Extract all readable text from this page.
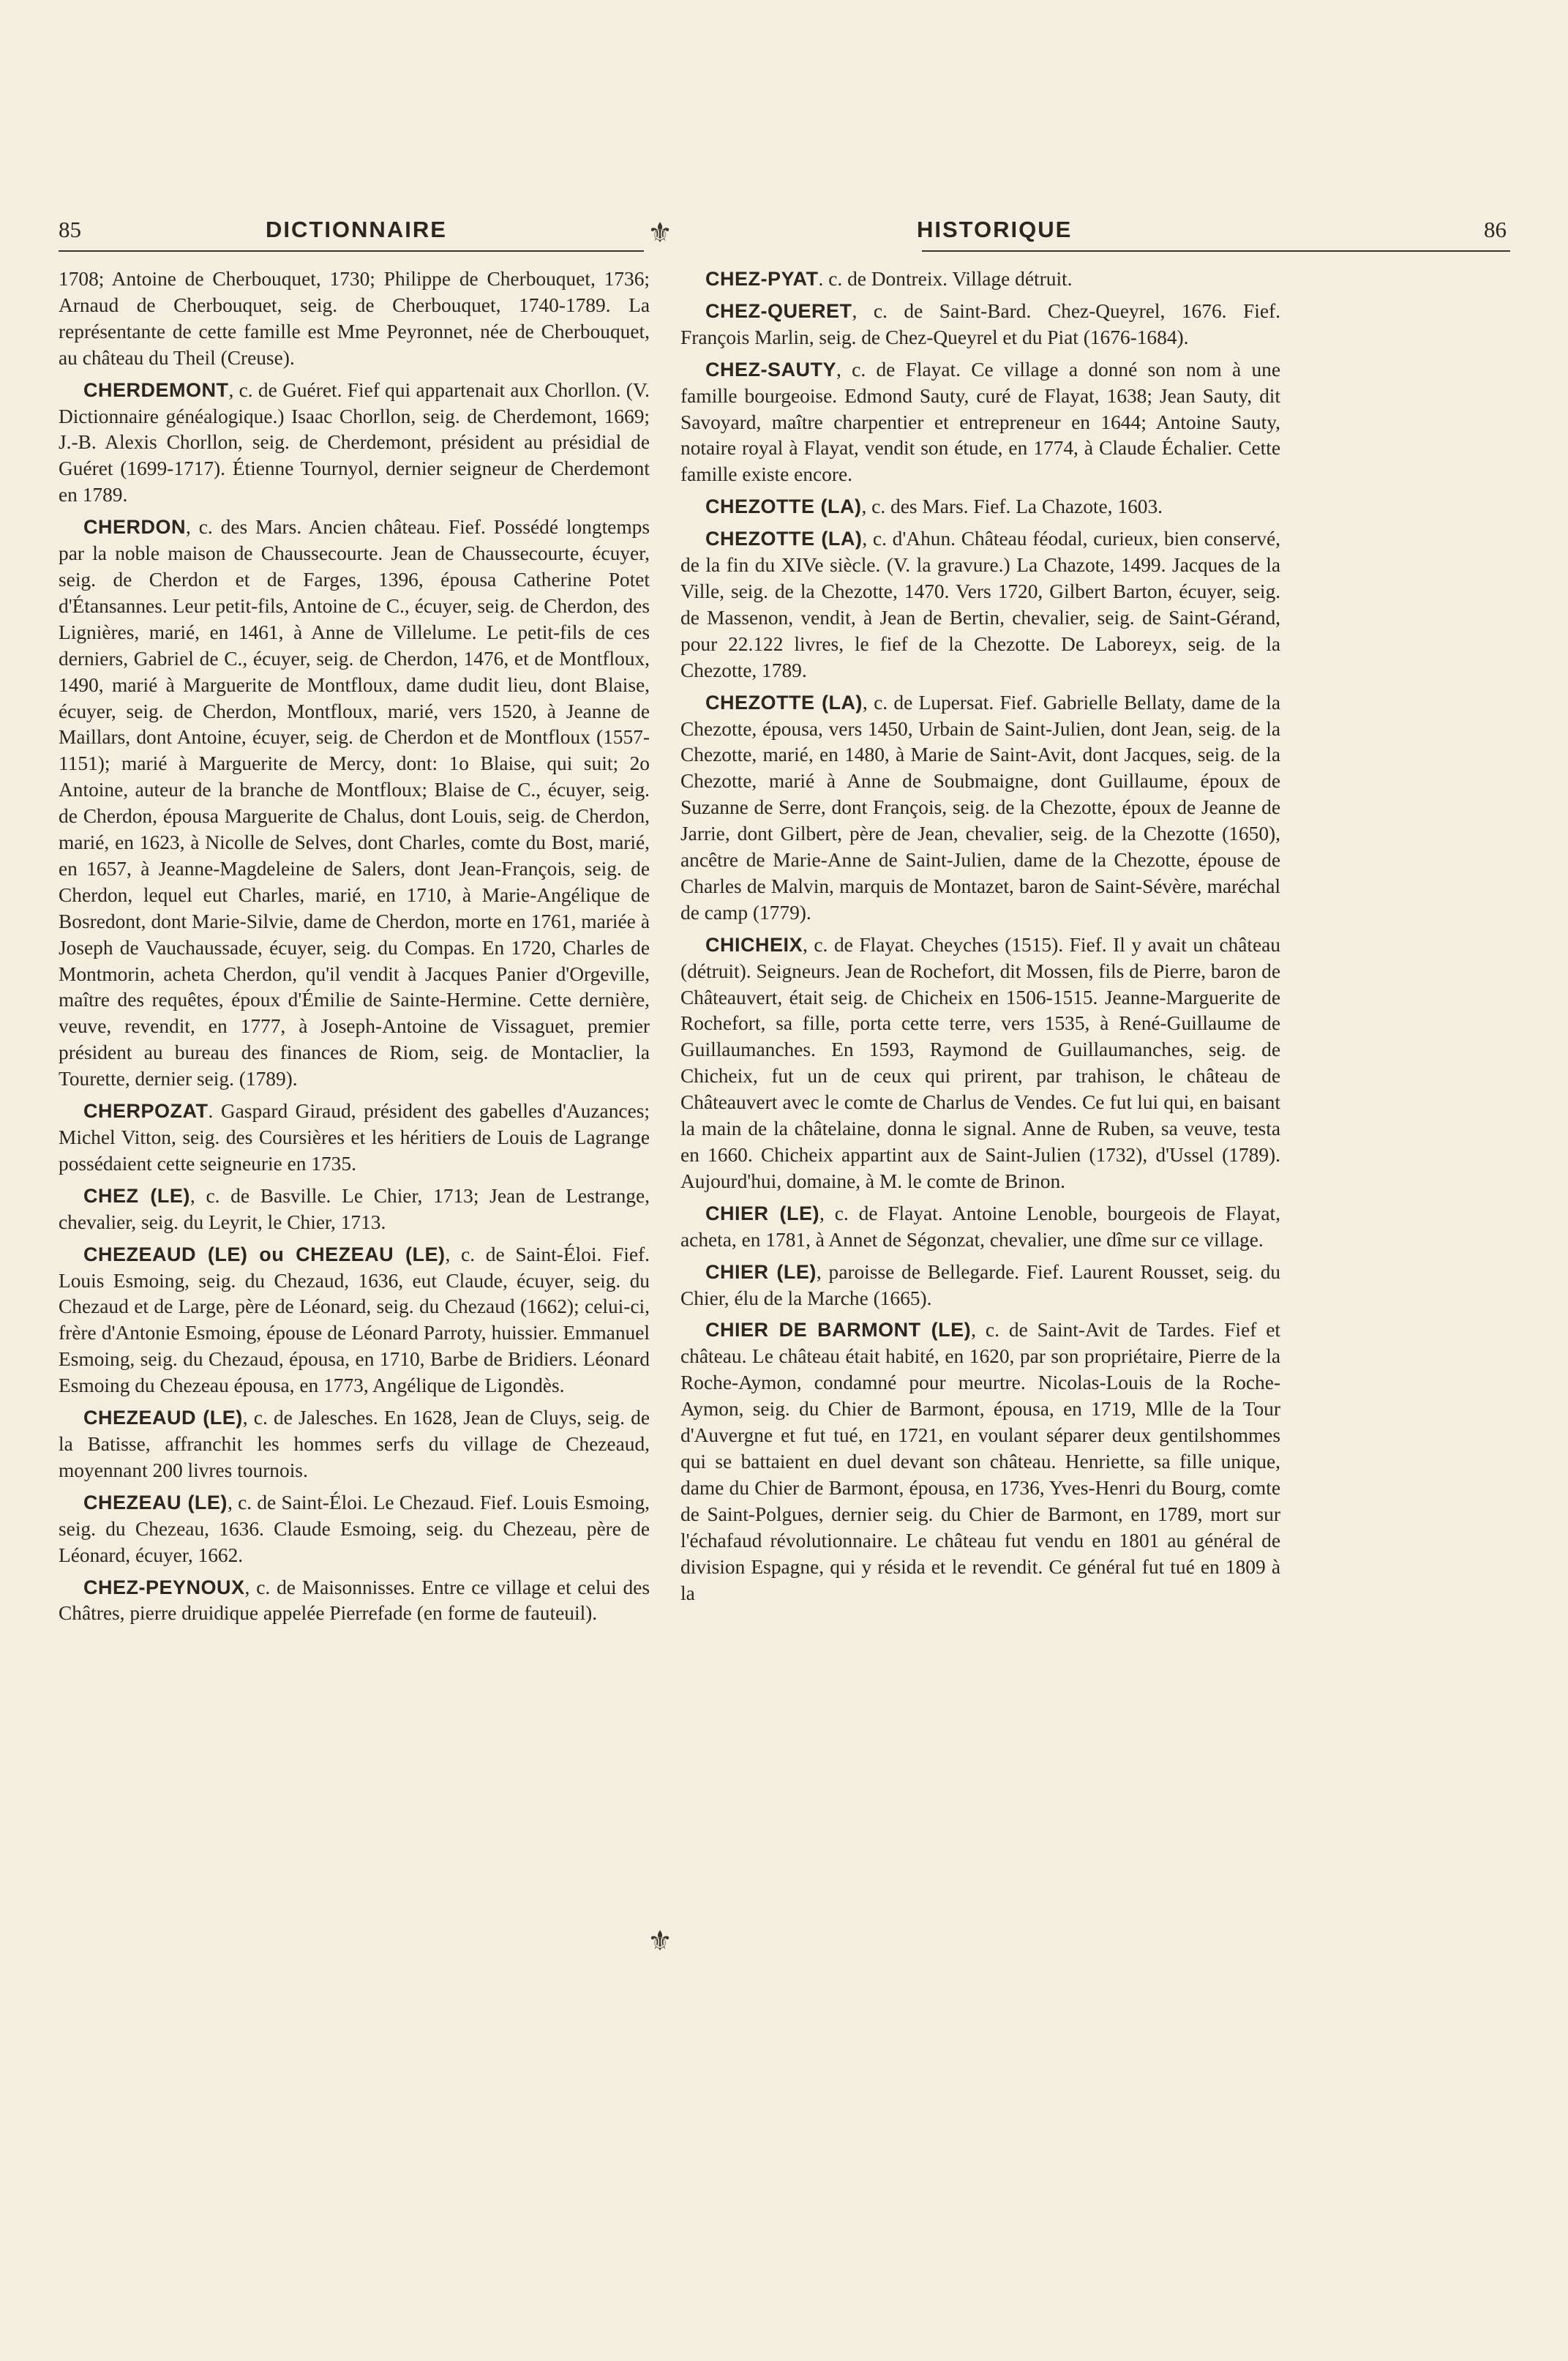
85	DICTIONNAIRE	HISTORIQUE	86
⚜
⚜

1708; Antoine de Cherbouquet, 1730; Philippe de Cherbouquet, 1736; Arnaud de Cherbouquet, seig. de Cherbouquet, 1740-1789. La représentante de cette famille est Mme Peyronnet, née de Cherbouquet, au château du Theil (Creuse).

CHERDEMONT, c. de Guéret. Fief qui appartenait aux Chorllon. (V. Dictionnaire généalogique.) Isaac Chorllon, seig. de Cherdemont, 1669; J.-B. Alexis Chorllon, seig. de Cherdemont, président au présidial de Guéret (1699-1717). Étienne Tournyol, dernier seigneur de Cherdemont en 1789.

CHERDON, c. des Mars. Ancien château. Fief. Possédé longtemps par la noble maison de Chaussecourte. Jean de Chaussecourte, écuyer, seig. de Cherdon et de Farges, 1396, épousa Catherine Potet d'Étansannes. Leur petit-fils, Antoine de C., écuyer, seig. de Cherdon, des Lignières, marié, en 1461, à Anne de Villelume. Le petit-fils de ces derniers, Gabriel de C., écuyer, seig. de Cherdon, 1476, et de Montfloux, 1490, marié à Marguerite de Montfloux, dame dudit lieu, dont Blaise, écuyer, seig. de Cherdon, Montfloux, marié, vers 1520, à Jeanne de Maillars, dont Antoine, écuyer, seig. de Cherdon et de Montfloux (1557-1151); marié à Marguerite de Mercy, dont: 1o Blaise, qui suit; 2o Antoine, auteur de la branche de Montfloux; Blaise de C., écuyer, seig. de Cherdon, épousa Marguerite de Chalus, dont Louis, seig. de Cherdon, marié, en 1623, à Nicolle de Selves, dont Charles, comte du Bost, marié, en 1657, à Jeanne-Magdeleine de Salers, dont Jean-François, seig. de Cherdon, lequel eut Charles, marié, en 1710, à Marie-Angélique de Bosredont, dont Marie-Silvie, dame de Cherdon, morte en 1761, mariée à Joseph de Vauchaussade, écuyer, seig. du Compas. En 1720, Charles de Montmorin, acheta Cherdon, qu'il vendit à Jacques Panier d'Orgeville, maître des requêtes, époux d'Émilie de Sainte-Hermine. Cette dernière, veuve, revendit, en 1777, à Joseph-Antoine de Vissaguet, premier président au bureau des finances de Riom, seig. de Montaclier, la Tourette, dernier seig. (1789).

CHERPOZAT. Gaspard Giraud, président des gabelles d'Auzances; Michel Vitton, seig. des Coursières et les héritiers de Louis de Lagrange possédaient cette seigneurie en 1735.

CHEZ (LE), c. de Basville. Le Chier, 1713; Jean de Lestrange, chevalier, seig. du Leyrit, le Chier, 1713.

CHEZEAUD (LE) ou CHEZEAU (LE), c. de Saint-Éloi. Fief. Louis Esmoing, seig. du Chezaud, 1636, eut Claude, écuyer, seig. du Chezaud et de Large, père de Léonard, seig. du Chezaud (1662); celui-ci, frère d'Antonie Esmoing, épouse de Léonard Parroty, huissier. Emmanuel Esmoing, seig. du Chezaud, épousa, en 1710, Barbe de Bridiers. Léonard Esmoing du Chezeau épousa, en 1773, Angélique de Ligondès.

CHEZEAUD (LE), c. de Jalesches. En 1628, Jean de Cluys, seig. de la Batisse, affranchit les hommes serfs du village de Chezeaud, moyennant 200 livres tournois.

CHEZEAU (LE), c. de Saint-Éloi. Le Chezaud. Fief. Louis Esmoing, seig. du Chezeau, 1636. Claude Esmoing, seig. du Chezeau, père de Léonard, écuyer, 1662.

CHEZ-PEYNOUX, c. de Maisonnisses. Entre ce village et celui des Châtres, pierre druidique appelée Pierrefade (en forme de fauteuil).

CHEZ-PYAT. c. de Dontreix. Village détruit.

CHEZ-QUERET, c. de Saint-Bard. Chez-Queyrel, 1676. Fief. François Marlin, seig. de Chez-Queyrel et du Piat (1676-1684).

CHEZ-SAUTY, c. de Flayat. Ce village a donné son nom à une famille bourgeoise. Edmond Sauty, curé de Flayat, 1638; Jean Sauty, dit Savoyard, maître charpentier et entrepreneur en 1644; Antoine Sauty, notaire royal à Flayat, vendit son étude, en 1774, à Claude Échalier. Cette famille existe encore.

CHEZOTTE (LA), c. des Mars. Fief. La Chazote, 1603.

CHEZOTTE (LA), c. d'Ahun. Château féodal, curieux, bien conservé, de la fin du XIVe siècle. (V. la gravure.) La Chazote, 1499. Jacques de la Ville, seig. de la Chezotte, 1470. Vers 1720, Gilbert Barton, écuyer, seig. de Massenon, vendit, à Jean de Bertin, chevalier, seig. de Saint-Gérand, pour 22.122 livres, le fief de la Chezotte. De Laboreyx, seig. de la Chezotte, 1789.

CHEZOTTE (LA), c. de Lupersat. Fief. Gabrielle Bellaty, dame de la Chezotte, épousa, vers 1450, Urbain de Saint-Julien, dont Jean, seig. de la Chezotte, marié, en 1480, à Marie de Saint-Avit, dont Jacques, seig. de la Chezotte, marié à Anne de Soubmaigne, dont Guillaume, époux de Suzanne de Serre, dont François, seig. de la Chezotte, époux de Jeanne de Jarrie, dont Gilbert, père de Jean, chevalier, seig. de la Chezotte (1650), ancêtre de Marie-Anne de Saint-Julien, dame de la Chezotte, épouse de Charles de Malvin, marquis de Montazet, baron de Saint-Sévère, maréchal de camp (1779).

CHICHEIX, c. de Flayat. Cheyches (1515). Fief. Il y avait un château (détruit). Seigneurs. Jean de Rochefort, dit Mossen, fils de Pierre, baron de Châteauvert, était seig. de Chicheix en 1506-1515. Jeanne-Marguerite de Rochefort, sa fille, porta cette terre, vers 1535, à René-Guillaume de Guillaumanches. En 1593, Raymond de Guillaumanches, seig. de Chicheix, fut un de ceux qui prirent, par trahison, le château de Châteauvert avec le comte de Charlus de Vendes. Ce fut lui qui, en baisant la main de la châtelaine, donna le signal. Anne de Ruben, sa veuve, testa en 1660. Chicheix appartint aux de Saint-Julien (1732), d'Ussel (1789). Aujourd'hui, domaine, à M. le comte de Brinon.

CHIER (LE), c. de Flayat. Antoine Lenoble, bourgeois de Flayat, acheta, en 1781, à Annet de Ségonzat, chevalier, une dîme sur ce village.

CHIER (LE), paroisse de Bellegarde. Fief. Laurent Rousset, seig. du Chier, élu de la Marche (1665).

CHIER DE BARMONT (LE), c. de Saint-Avit de Tardes. Fief et château. Le château était habité, en 1620, par son propriétaire, Pierre de la Roche-Aymon, condamné pour meurtre. Nicolas-Louis de la Roche-Aymon, seig. du Chier de Barmont, épousa, en 1719, Mlle de la Tour d'Auvergne et fut tué, en 1721, en voulant séparer deux gentilshommes qui se battaient en duel devant son château. Henriette, sa fille unique, dame du Chier de Barmont, épousa, en 1736, Yves-Henri du Bourg, comte de Saint-Polgues, dernier seig. du Chier de Barmont, en 1789, mort sur l'échafaud révolutionnaire. Le château fut vendu en 1801 au général de division Espagne, qui y résida et le revendit. Ce général fut tué en 1809 à la
